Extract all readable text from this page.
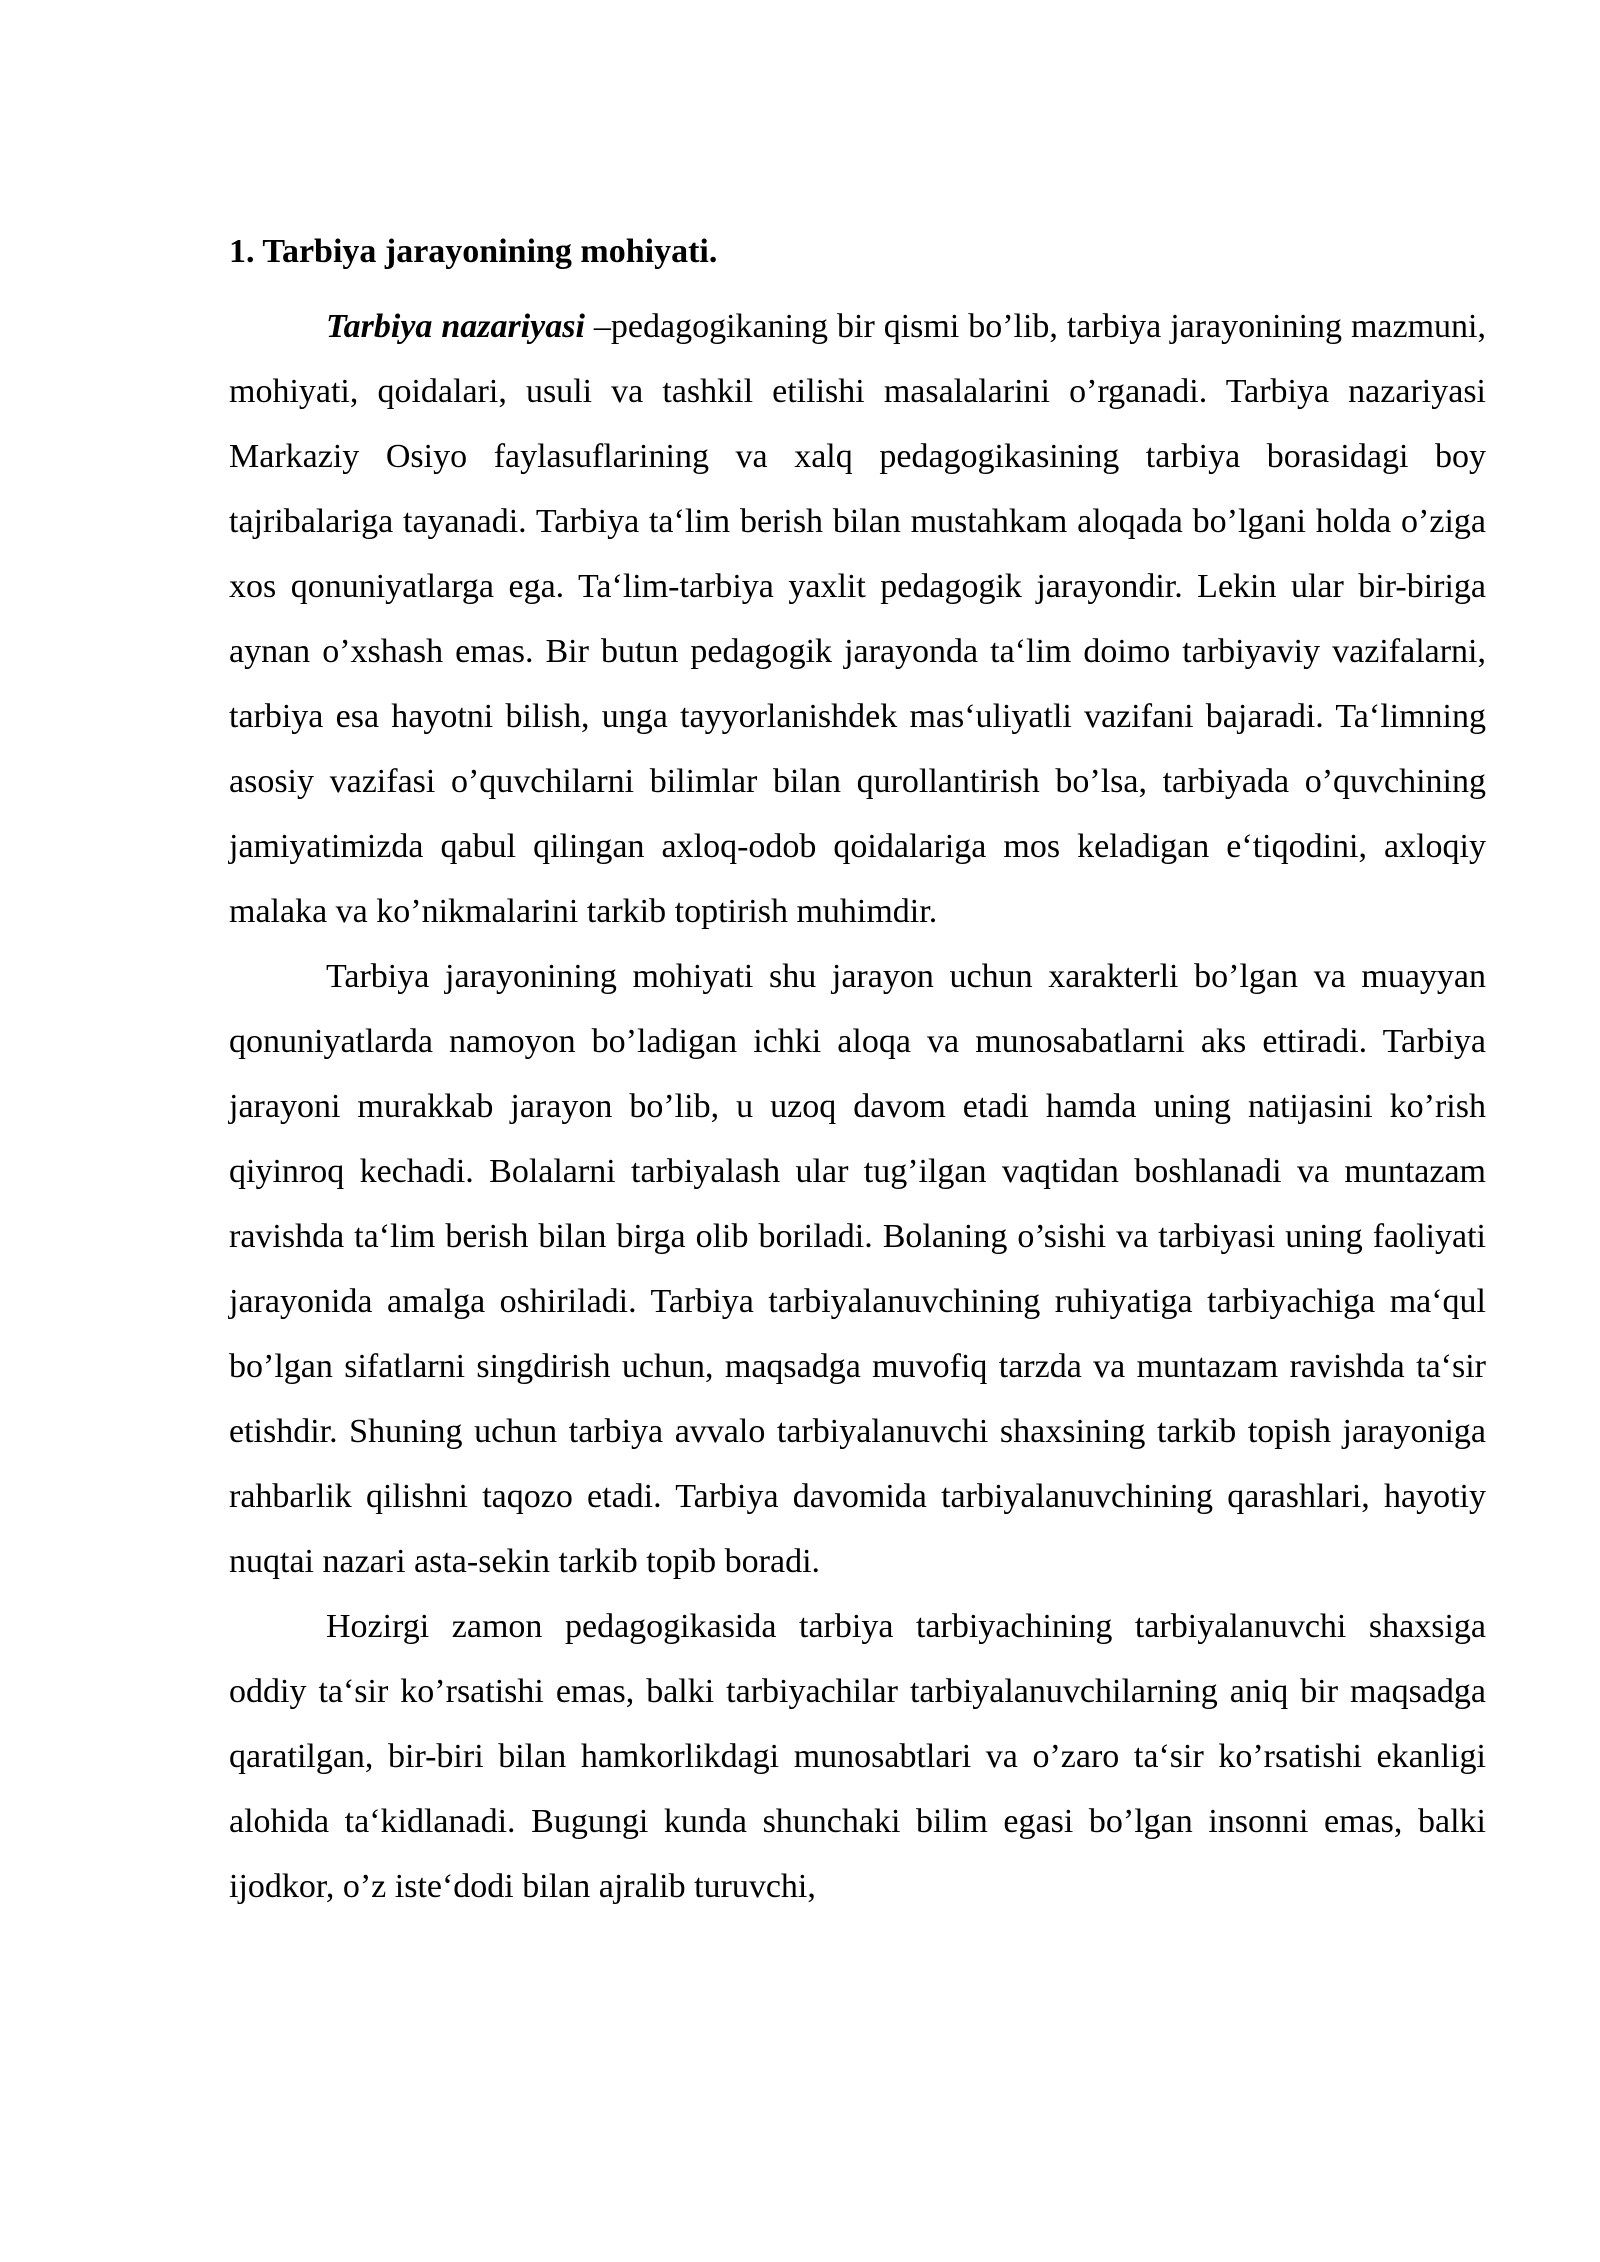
1. Tarbiya jarayonining mohiyati.

Tarbiya nazariyasi –pedagogikaning bir qismi bo’lib, tarbiya jarayonining mazmuni, mohiyati, qoidalari, usuli va tashkil etilishi masalalarini o’rganadi. Tarbiya nazariyasi Markaziy Osiyo faylasuflarining va xalq pedagogikasining tarbiya borasidagi boy tajribalariga tayanadi. Tarbiya ta‘lim berish bilan mustahkam aloqada bo’lgani holda o’ziga xos qonuniyatlarga ega. Ta‘lim-tarbiya yaxlit pedagogik jarayondir. Lekin ular bir-biriga aynan o’xshash emas. Bir butun pedagogik jarayonda ta‘lim doimo tarbiyaviy vazifalarni, tarbiya esa hayotni bilish, unga tayyorlanishdek mas‘uliyatli vazifani bajaradi. Ta‘limning asosiy vazifasi o’quvchilarni bilimlar bilan qurollantirish bo’lsa, tarbiyada o’quvchining jamiyatimizda qabul qilingan axloq-odob qoidalariga mos keladigan e‘tiqodini, axloqiy malaka va ko’nikmalarini tarkib toptirish muhimdir.

Tarbiya jarayonining mohiyati shu jarayon uchun xarakterli bo’lgan va muayyan qonuniyatlarda namoyon bo’ladigan ichki aloqa va munosabatlarni aks ettiradi. Tarbiya jarayoni murakkab jarayon bo’lib, u uzoq davom etadi hamda uning natijasini ko’rish qiyinroq kechadi. Bolalarni tarbiyalash ular tug’ilgan vaqtidan boshlanadi va muntazam ravishda ta‘lim berish bilan birga olib boriladi. Bolaning o’sishi va tarbiyasi uning faoliyati jarayonida amalga oshiriladi. Tarbiya tarbiyalanuvchining ruhiyatiga tarbiyachiga ma‘qul bo’lgan sifatlarni singdirish uchun, maqsadga muvofiq tarzda va muntazam ravishda ta‘sir etishdir. Shuning uchun tarbiya avvalo tarbiyalanuvchi shaxsining tarkib topish jarayoniga rahbarlik qilishni taqozo etadi. Tarbiya davomida tarbiyalanuvchining qarashlari, hayotiy nuqtai nazari asta-sekin tarkib topib boradi.

Hozirgi zamon pedagogikasida tarbiya tarbiyachining tarbiyalanuvchi shaxsiga oddiy ta‘sir ko’rsatishi emas, balki tarbiyachilar tarbiyalanuvchilarning aniq bir maqsadga qaratilgan, bir-biri bilan hamkorlikdagi munosabtlari va o’zaro ta‘sir ko’rsatishi ekanligi alohida ta‘kidlanadi. Bugungi kunda shunchaki bilim egasi bo’lgan insonni emas, balki ijodkor, o’z iste‘dodi bilan ajralib turuvchi,
